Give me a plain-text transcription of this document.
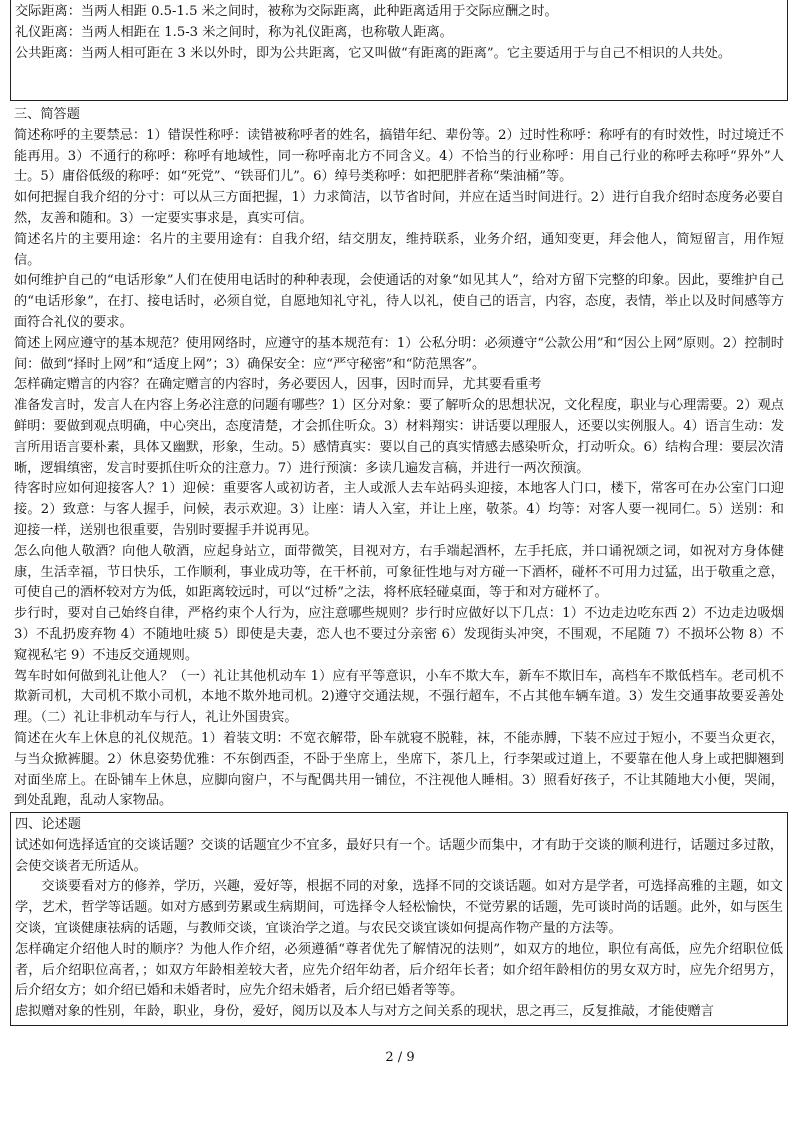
交际距离：当两人相距 0.5-1.5 米之间时，被称为交际距离，此种距离适用于交际应酬之时。

礼仪距离：当两人相距在 1.5-3 米之间时，称为礼仪距离，也称敬人距离。

公共距离：当两人相可距在 3 米以外时，即为公共距离，它又叫做“有距离的距离”。它主要适用于与自己不相识的人共处。

三、简答题

简述称呼的主要禁忌：1）错误性称呼：读错被称呼者的姓名，搞错年纪、辈份等。2）过时性称呼：称呼有的有时效性，时过境迁不能再用。3）不通行的称呼：称呼有地域性，同一称呼南北方不同含义。4）不恰当的行业称呼：用自己行业的称呼去称呼“界外”人士。5）庸俗低级的称呼：如“死党”、“铁哥们儿”。6）绰号类称呼：如把肥胖者称“柴油桶”等。

如何把握自我介绍的分寸：可以从三方面把握，1）力求简洁，以节省时间，并应在适当时间进行。2）进行自我介绍时态度务必要自然，友善和随和。3）一定要实事求是，真实可信。

简述名片的主要用途：名片的主要用途有：自我介绍，结交朋友，维持联系，业务介绍，通知变更，拜会他人，简短留言，用作短信。

如何维护自己的“电话形象”人们在使用电话时的种种表现，会使通话的对象“如见其人”，给对方留下完整的印象。因此，要维护自己的“电话形象”，在打、接电话时，必须自觉，自愿地知礼守礼，待人以礼，使自己的语言，内容，态度，表情，举止以及时间感等方面符合礼仪的要求。

简述上网应遵守的基本规范？使用网络时，应遵守的基本规范有：1）公私分明：必须遵守“公款公用”和“因公上网”原则。2）控制时间：做到“择时上网”和“适度上网”；3）确保安全：应“严守秘密”和“防范黑客”。

怎样确定赠言的内容？在确定赠言的内容时，务必要因人，因事，因时而异，尤其要看重考

准备发言时，发言人在内容上务必注意的问题有哪些？1）区分对象：要了解听众的思想状况，文化程度，职业与心理需要。2）观点鲜明：要做到观点明确，中心突出，态度清楚，才会抓住听众。3）材料翔实：讲话要以理服人，还要以实例服人。4）语言生动：发言所用语言要朴素，具体又幽默，形象，生动。5）感情真实：要以自己的真实情感去感染听众，打动听众。6）结构合理：要层次清晰，逻辑缜密，发言时要抓住听众的注意力。7）进行预演：多读几遍发言稿，并进行一两次预演。

待客时应如何迎接客人？1）迎候：重要客人或初访者，主人或派人去车站码头迎接，本地客人门口，楼下，常客可在办公室门口迎接。2）致意：与客人握手，问候，表示欢迎。3）让座：请人入室，并让上座，敬茶。4）均等：对客人要一视同仁。5）送别：和迎接一样，送别也很重要，告别时要握手并说再见。

怎么向他人敬酒？向他人敬酒，应起身站立，面带微笑，目视对方，右手端起酒杯，左手托底，并口诵祝颂之词，如祝对方身体健康，生活幸福，节日快乐，工作顺利，事业成功等，在干杯前，可象征性地与对方碰一下酒杯，碰杯不可用力过猛，出于敬重之意，可使自己的酒杯较对方为低，如距离较远时，可以“过桥”之法，将杯底轻碰桌面，等于和对方碰杯了。

步行时，要对自己始终自律，严格约束个人行为，应注意哪些规则？步行时应做好以下几点：1）不边走边吃东西 2）不边走边吸烟 3）不乱扔废弃物 4）不随地吐痰 5）即使是夫妻，恋人也不要过分亲密 6）发现街头冲突，不围观，不尾随 7）不损坏公物 8）不窥视私宅 9）不违反交通规则。

驾车时如何做到礼让他人？（一）礼让其他机动车 1）应有平等意识，小车不欺大车，新车不欺旧车，高档车不欺低档车。老司机不欺新司机，大司机不欺小司机，本地不欺外地司机。2)遵守交通法规，不强行超车，不占其他车辆车道。3）发生交通事故要妥善处理。（二）礼让非机动车与行人，礼让外国贵宾。

简述在火车上休息的礼仪规范。1）着装文明：不宽衣解带，卧车就寝不脱鞋，袜，不能赤膊，下装不应过于短小，不要当众更衣，与当众掀裤腿。2）休息姿势优雅：不东倒西歪，不卧于坐席上，坐席下，茶几上，行李架或过道上，不要靠在他人身上或把脚翘到对面坐席上。在卧铺车上休息，应脚向窗户，不与配偶共用一铺位，不注视他人睡相。3）照看好孩子，不让其随地大小便，哭闹，到处乱跑，乱动人家物品。

四、论述题

试述如何选择适宜的交谈话题？交谈的话题宜少不宜多，最好只有一个。话题少而集中，才有助于交谈的顺利进行，话题过多过散，会使交谈者无所适从。

交谈要看对方的修养，学历，兴趣，爱好等，根据不同的对象，选择不同的交谈话题。如对方是学者，可选择高雅的主题，如文学，艺术，哲学等话题。如对方感到劳累或生病期间，可选择令人轻松愉快，不觉劳累的话题，先可谈时尚的话题。此外，如与医生交谈，宜谈健康祛病的话题，与教师交谈，宜谈治学之道。与农民交谈宜谈如何提高作物产量的方法等。

怎样确定介绍他人时的顺序？为他人作介绍，必须遵循“尊者优先了解情况的法则”，如双方的地位，职位有高低，应先介绍职位低者，后介绍职位高者，；如双方年龄相差较大者，应先介绍年幼者，后介绍年长者；如介绍年龄相仿的男女双方时，应先介绍男方，后介绍女方；如介绍已婚和未婚者时，应先介绍未婚者，后介绍已婚者等等。

虑拟赠对象的性别，年龄，职业，身份，爱好，阅历以及本人与对方之间关系的现状，思之再三，反复推敲，才能使赠言

2 / 9
